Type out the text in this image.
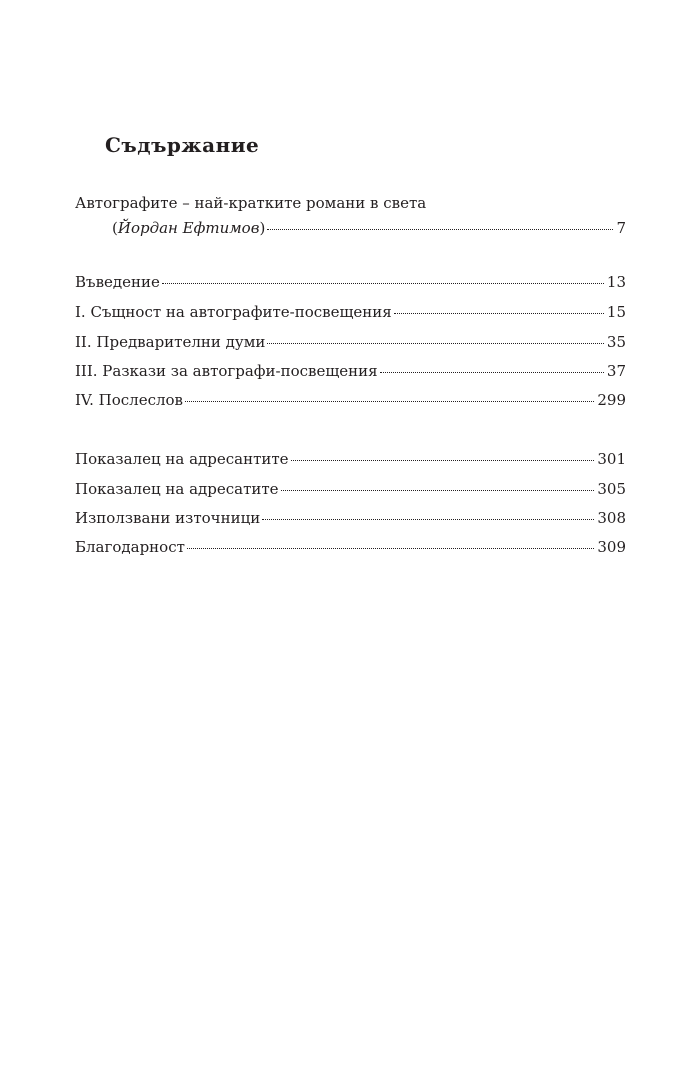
Съдържание
Автографите – най-кратките романи в света
(Йордан Ефтимов)	7
Въведение	13
I. Същност на автографите-посвещения	15
II. Предварителни думи	35
III. Разкази за автографи-посвещения	37
IV. Послеслов	299
Показалец на адресантите	301
Показалец на адресатите	305
Използвани източници	308
Благодарност	309
